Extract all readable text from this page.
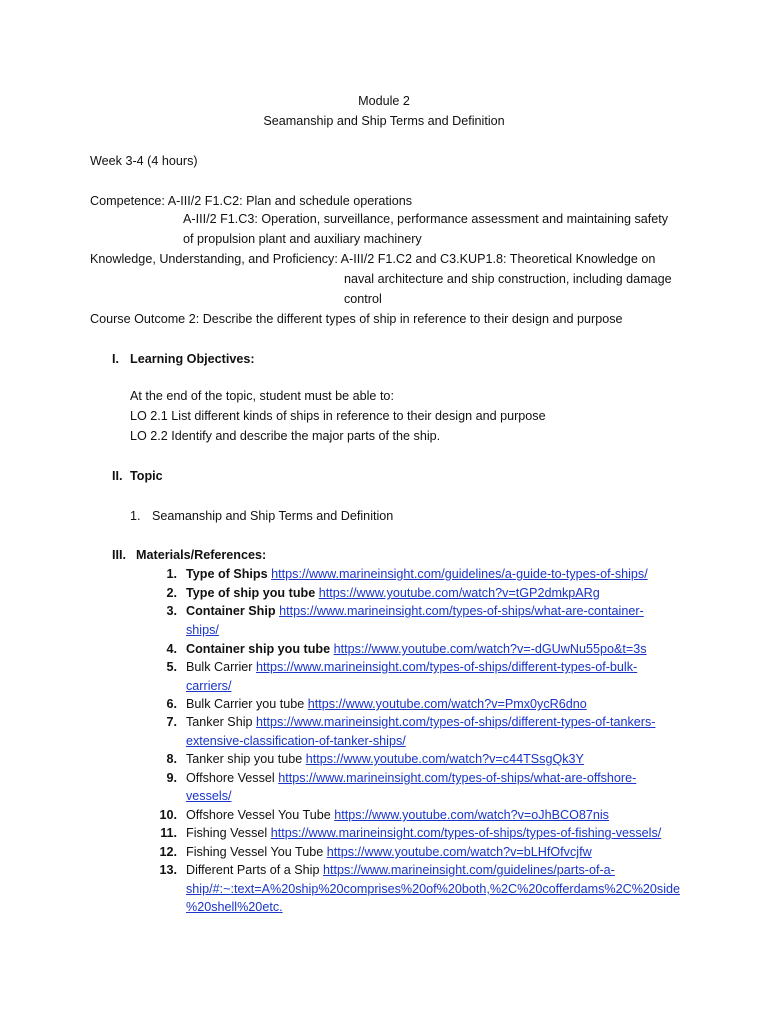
Module 2
Seamanship and Ship Terms and Definition
Week 3-4 (4 hours)
Competence: A-III/2 F1.C2: Plan and schedule operations
A-III/2 F1.C3: Operation, surveillance, performance assessment and maintaining safety
of propulsion plant and auxiliary machinery
Knowledge, Understanding, and Proficiency: A-III/2 F1.C2 and C3.KUP1.8: Theoretical Knowledge on
naval architecture and ship construction, including damage
control
Course Outcome 2: Describe the different types of ship in reference to their design and purpose
I. Learning Objectives:
At the end of the topic, student must be able to:
LO 2.1 List different kinds of ships in reference to their design and purpose
LO 2.2 Identify and describe the major parts of the ship.
II. Topic
1. Seamanship and Ship Terms and Definition
III. Materials/References:
1. Type of Ships https://www.marineinsight.com/guidelines/a-guide-to-types-of-ships/
2. Type of ship you tube https://www.youtube.com/watch?v=tGP2dmkpARg
3. Container Ship https://www.marineinsight.com/types-of-ships/what-are-container-
ships/
4. Container ship you tube https://www.youtube.com/watch?v=-dGUwNu55po&t=3s
5. Bulk Carrier https://www.marineinsight.com/types-of-ships/different-types-of-bulk-
carriers/
6. Bulk Carrier you tube https://www.youtube.com/watch?v=Pmx0ycR6dno
7. Tanker Ship https://www.marineinsight.com/types-of-ships/different-types-of-tankers-
extensive-classification-of-tanker-ships/
8. Tanker ship you tube https://www.youtube.com/watch?v=c44TSsgQk3Y
9. Offshore Vessel https://www.marineinsight.com/types-of-ships/what-are-offshore-
vessels/
10. Offshore Vessel You Tube https://www.youtube.com/watch?v=oJhBCO87nis
11. Fishing Vessel https://www.marineinsight.com/types-of-ships/types-of-fishing-vessels/
12. Fishing Vessel You Tube https://www.youtube.com/watch?v=bLHfOfvcjfw
13. Different Parts of a Ship https://www.marineinsight.com/guidelines/parts-of-a-
ship/#:~:text=A%20ship%20comprises%20of%20both,%2C%20cofferdams%2C%20side
%20shell%20etc.
